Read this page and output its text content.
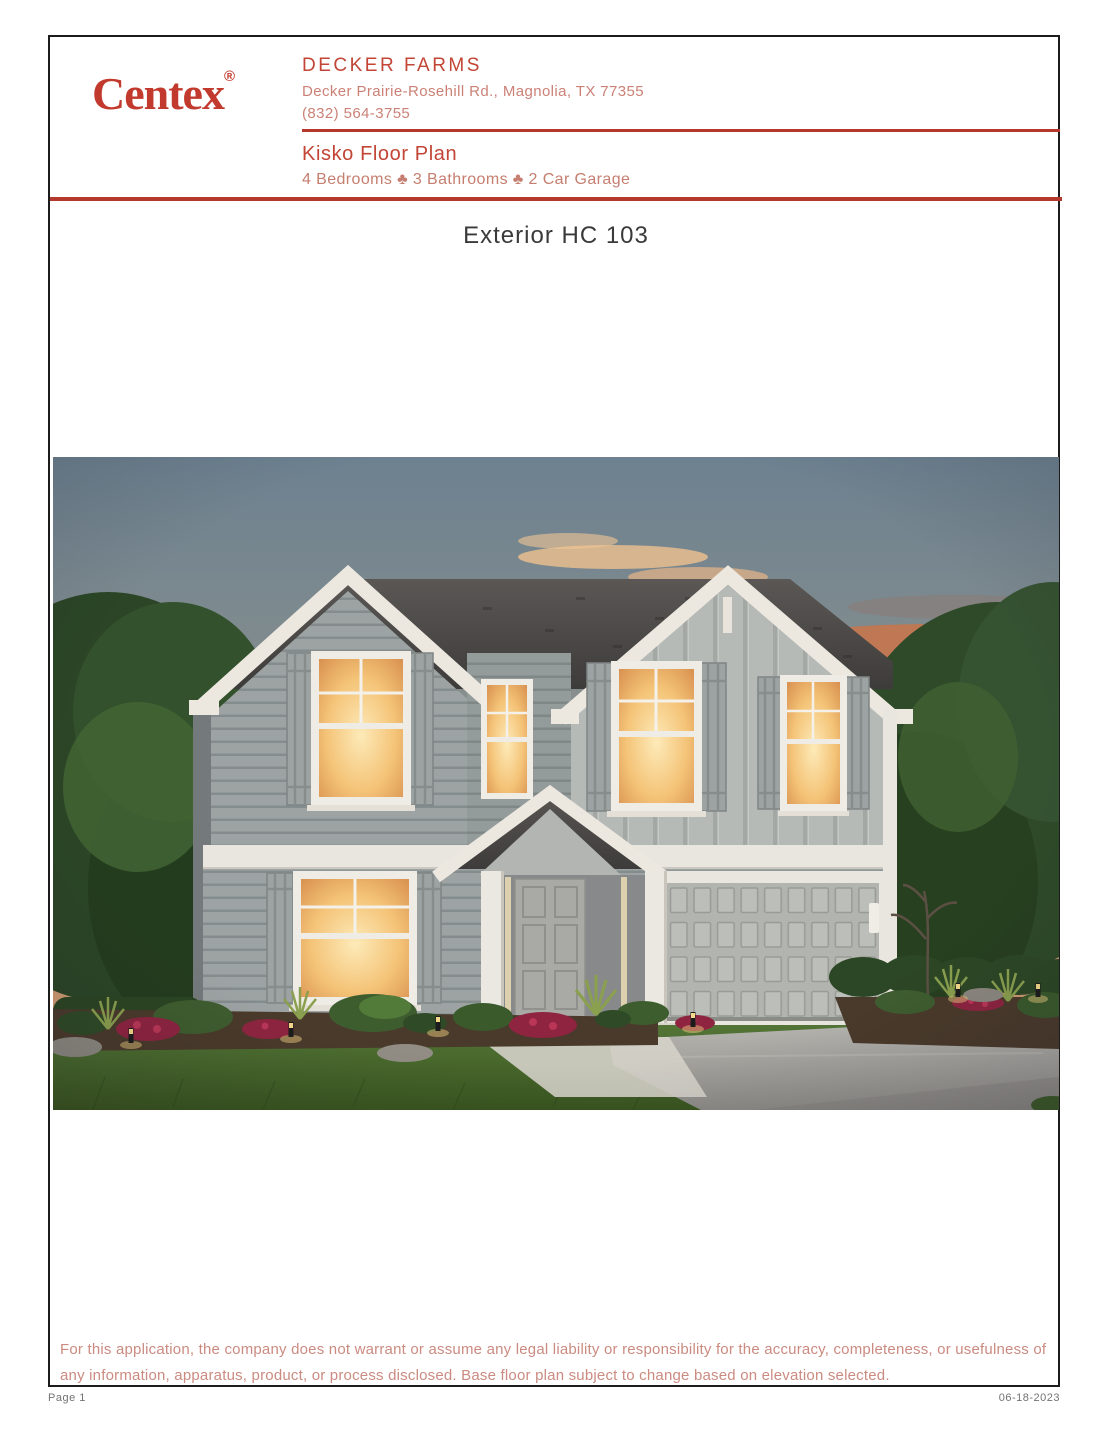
Centex®
DECKER FARMS
Decker Prairie-Rosehill Rd., Magnolia, TX 77355
(832) 564-3755
Kisko Floor Plan
4 Bedrooms ♣ 3 Bathrooms ♣ 2 Car Garage
Exterior HC 103
For this application, the company does not warrant or assume any legal liability or responsibility for the accuracy, completeness, or usefulness of any information, apparatus, product, or process disclosed. Base floor plan subject to change based on elevation selected.
Page 1	06-18-2023
